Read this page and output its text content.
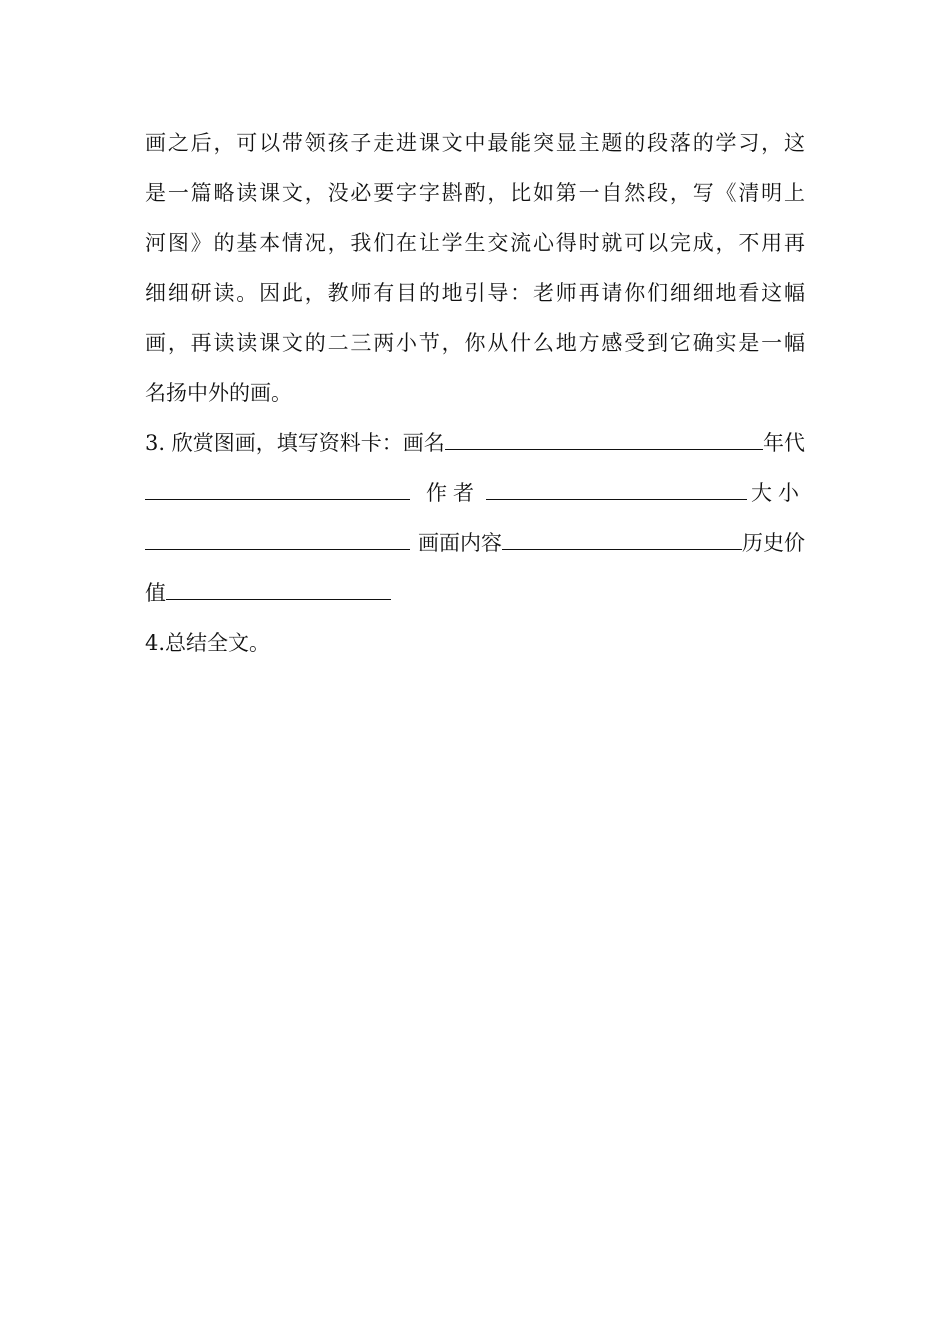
画之后，可以带领孩子走进课文中最能突显主题的段落的学习，这
是一篇略读课文，没必要字字斟酌，比如第一自然段，写《清明上
河图》的基本情况，我们在让学生交流心得时就可以完成，不用再
细细研读。因此，教师有目的地引导：老师再请你们细细地看这幅
画，再读读课文的二三两小节，你从什么地方感受到它确实是一幅
名扬中外的画。
3. 欣赏图画，填写资料卡： 画名	年代
作者	大小
画面内容	历史价
值
4.总结全文。
